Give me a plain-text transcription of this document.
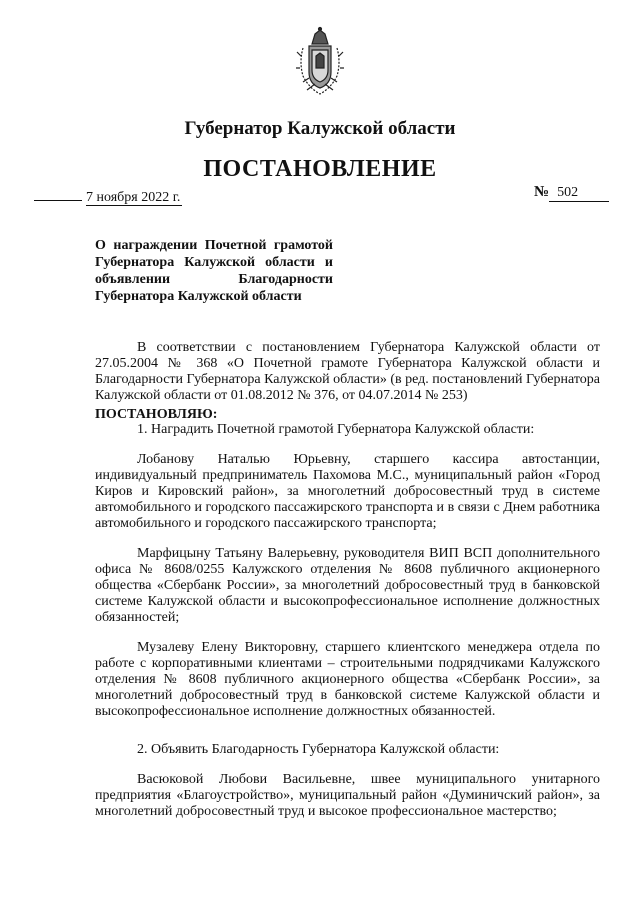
Губернатор Калужской области
ПОСТАНОВЛЕНИЕ
7 ноября 2022 г.	№ 502
О награждении Почетной грамотой Губернатора Калужской области и объявлении Благодарности Губернатора Калужской области
В соответствии с постановлением Губернатора Калужской области от 27.05.2004 № 368 «О Почетной грамоте Губернатора Калужской области и Благодарности Губернатора Калужской области» (в ред. постановлений Губернатора Калужской области от 01.08.2012 № 376, от 04.07.2014 № 253)
ПОСТАНОВЛЯЮ:
1. Наградить Почетной грамотой Губернатора Калужской области:
Лобанову Наталью Юрьевну, старшего кассира автостанции, индивидуальный предприниматель Пахомова М.С., муниципальный район «Город Киров и Кировский район», за многолетний добросовестный труд в системе автомобильного и городского пассажирского транспорта и в связи с Днем работника автомобильного и городского пассажирского транспорта;
Марфицыну Татьяну Валерьевну, руководителя ВИП ВСП дополнительного офиса № 8608/0255 Калужского отделения № 8608 публичного акционерного общества «Сбербанк России», за многолетний добросовестный труд в банковской системе Калужской области и высокопрофессиональное исполнение должностных обязанностей;
Музалеву Елену Викторовну, старшего клиентского менеджера отдела по работе с корпоративными клиентами – строительными подрядчиками Калужского отделения № 8608 публичного акционерного общества «Сбербанк России», за многолетний добросовестный труд в банковской системе Калужской области и высокопрофессиональное исполнение должностных обязанностей.
2. Объявить Благодарность Губернатора Калужской области:
Васюковой Любови Васильевне, швее муниципального унитарного предприятия «Благоустройство», муниципальный район «Думиничский район», за многолетний добросовестный труд и высокое профессиональное мастерство;
